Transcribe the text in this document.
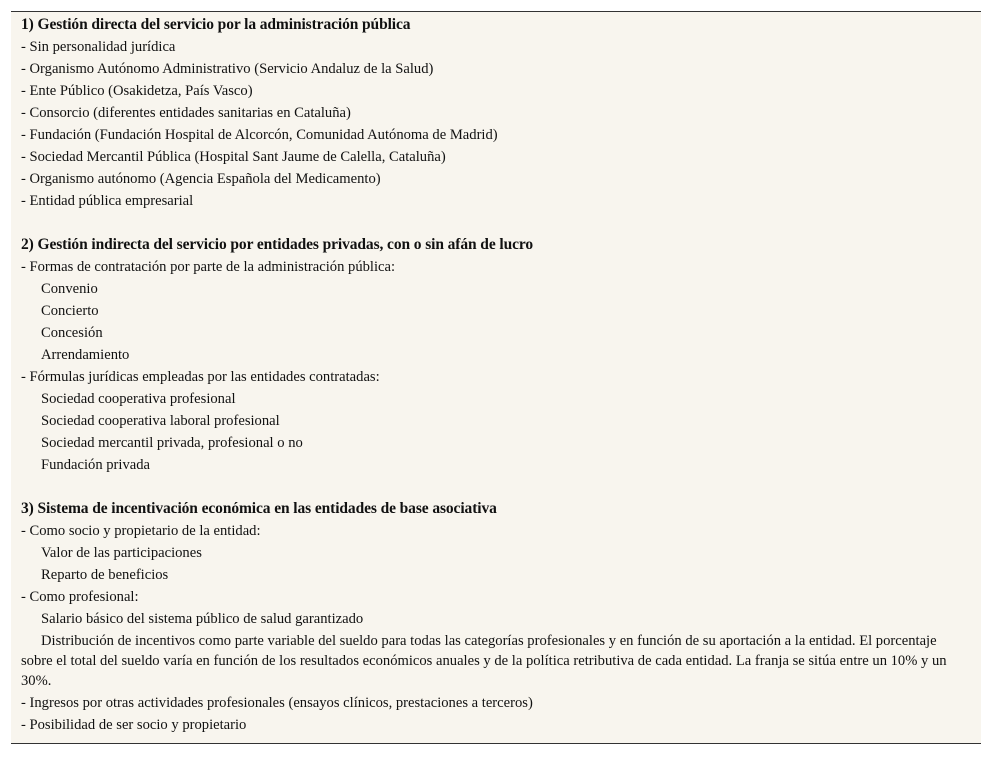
1) Gestión directa del servicio por la administración pública
- Sin personalidad jurídica
- Organismo Autónomo Administrativo (Servicio Andaluz de la Salud)
- Ente Público (Osakidetza, País Vasco)
- Consorcio (diferentes entidades sanitarias en Cataluña)
- Fundación (Fundación Hospital de Alcorcón, Comunidad Autónoma de Madrid)
- Sociedad Mercantil Pública (Hospital Sant Jaume de Calella, Cataluña)
- Organismo autónomo (Agencia Española del Medicamento)
- Entidad pública empresarial
2) Gestión indirecta del servicio por entidades privadas, con o sin afán de lucro
- Formas de contratación por parte de la administración pública:
Convenio
Concierto
Concesión
Arrendamiento
- Fórmulas jurídicas empleadas por las entidades contratadas:
Sociedad cooperativa profesional
Sociedad cooperativa laboral profesional
Sociedad mercantil privada, profesional o no
Fundación privada
3) Sistema de incentivación económica en las entidades de base asociativa
- Como socio y propietario de la entidad:
Valor de las participaciones
Reparto de beneficios
- Como profesional:
Salario básico del sistema público de salud garantizado
Distribución de incentivos como parte variable del sueldo para todas las categorías profesionales y en función de su aportación a la entidad. El porcentaje sobre el total del sueldo varía en función de los resultados económicos anuales y de la política retributiva de cada entidad. La franja se sitúa entre un 10% y un 30%.
- Ingresos por otras actividades profesionales (ensayos clínicos, prestaciones a terceros)
- Posibilidad de ser socio y propietario
